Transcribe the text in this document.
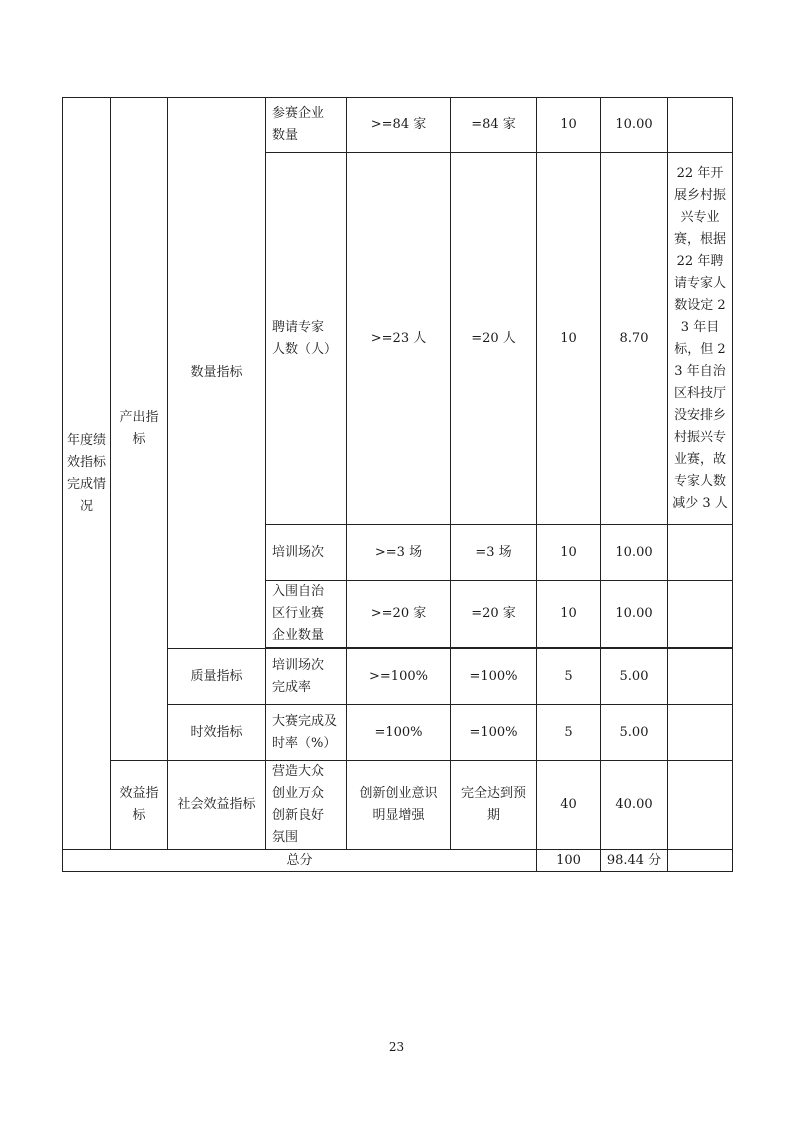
年度绩效指标完成情况	产出指标	数量指标	参赛企业数量	>=84 家	=84 家	10	10.00	
			聘请专家人数（人）	>=23 人	=20 人	10	8.70	22 年开展乡村振兴专业赛，根据 22 年聘请专家人数设定 23 年目标，但 23 年自治区科技厅没安排乡村振兴专业赛，故专家人数减少 3 人

			培训场次	>=3 场	=3 场	10	10.00	
			入围自治区行业赛企业数量	>=20 家	=20 家	10	10.00	

		质量指标	培训场次完成率	>=100%	=100%	5	5.00	
		时效指标	大赛完成及时率（%）	=100%	=100%	5	5.00	
	效益指标	社会效益指标	营造大众创业万众创新良好氛围	创新创业意识明显增强	完全达到预期	40	40.00	
总分						100	98.44 分	
23
